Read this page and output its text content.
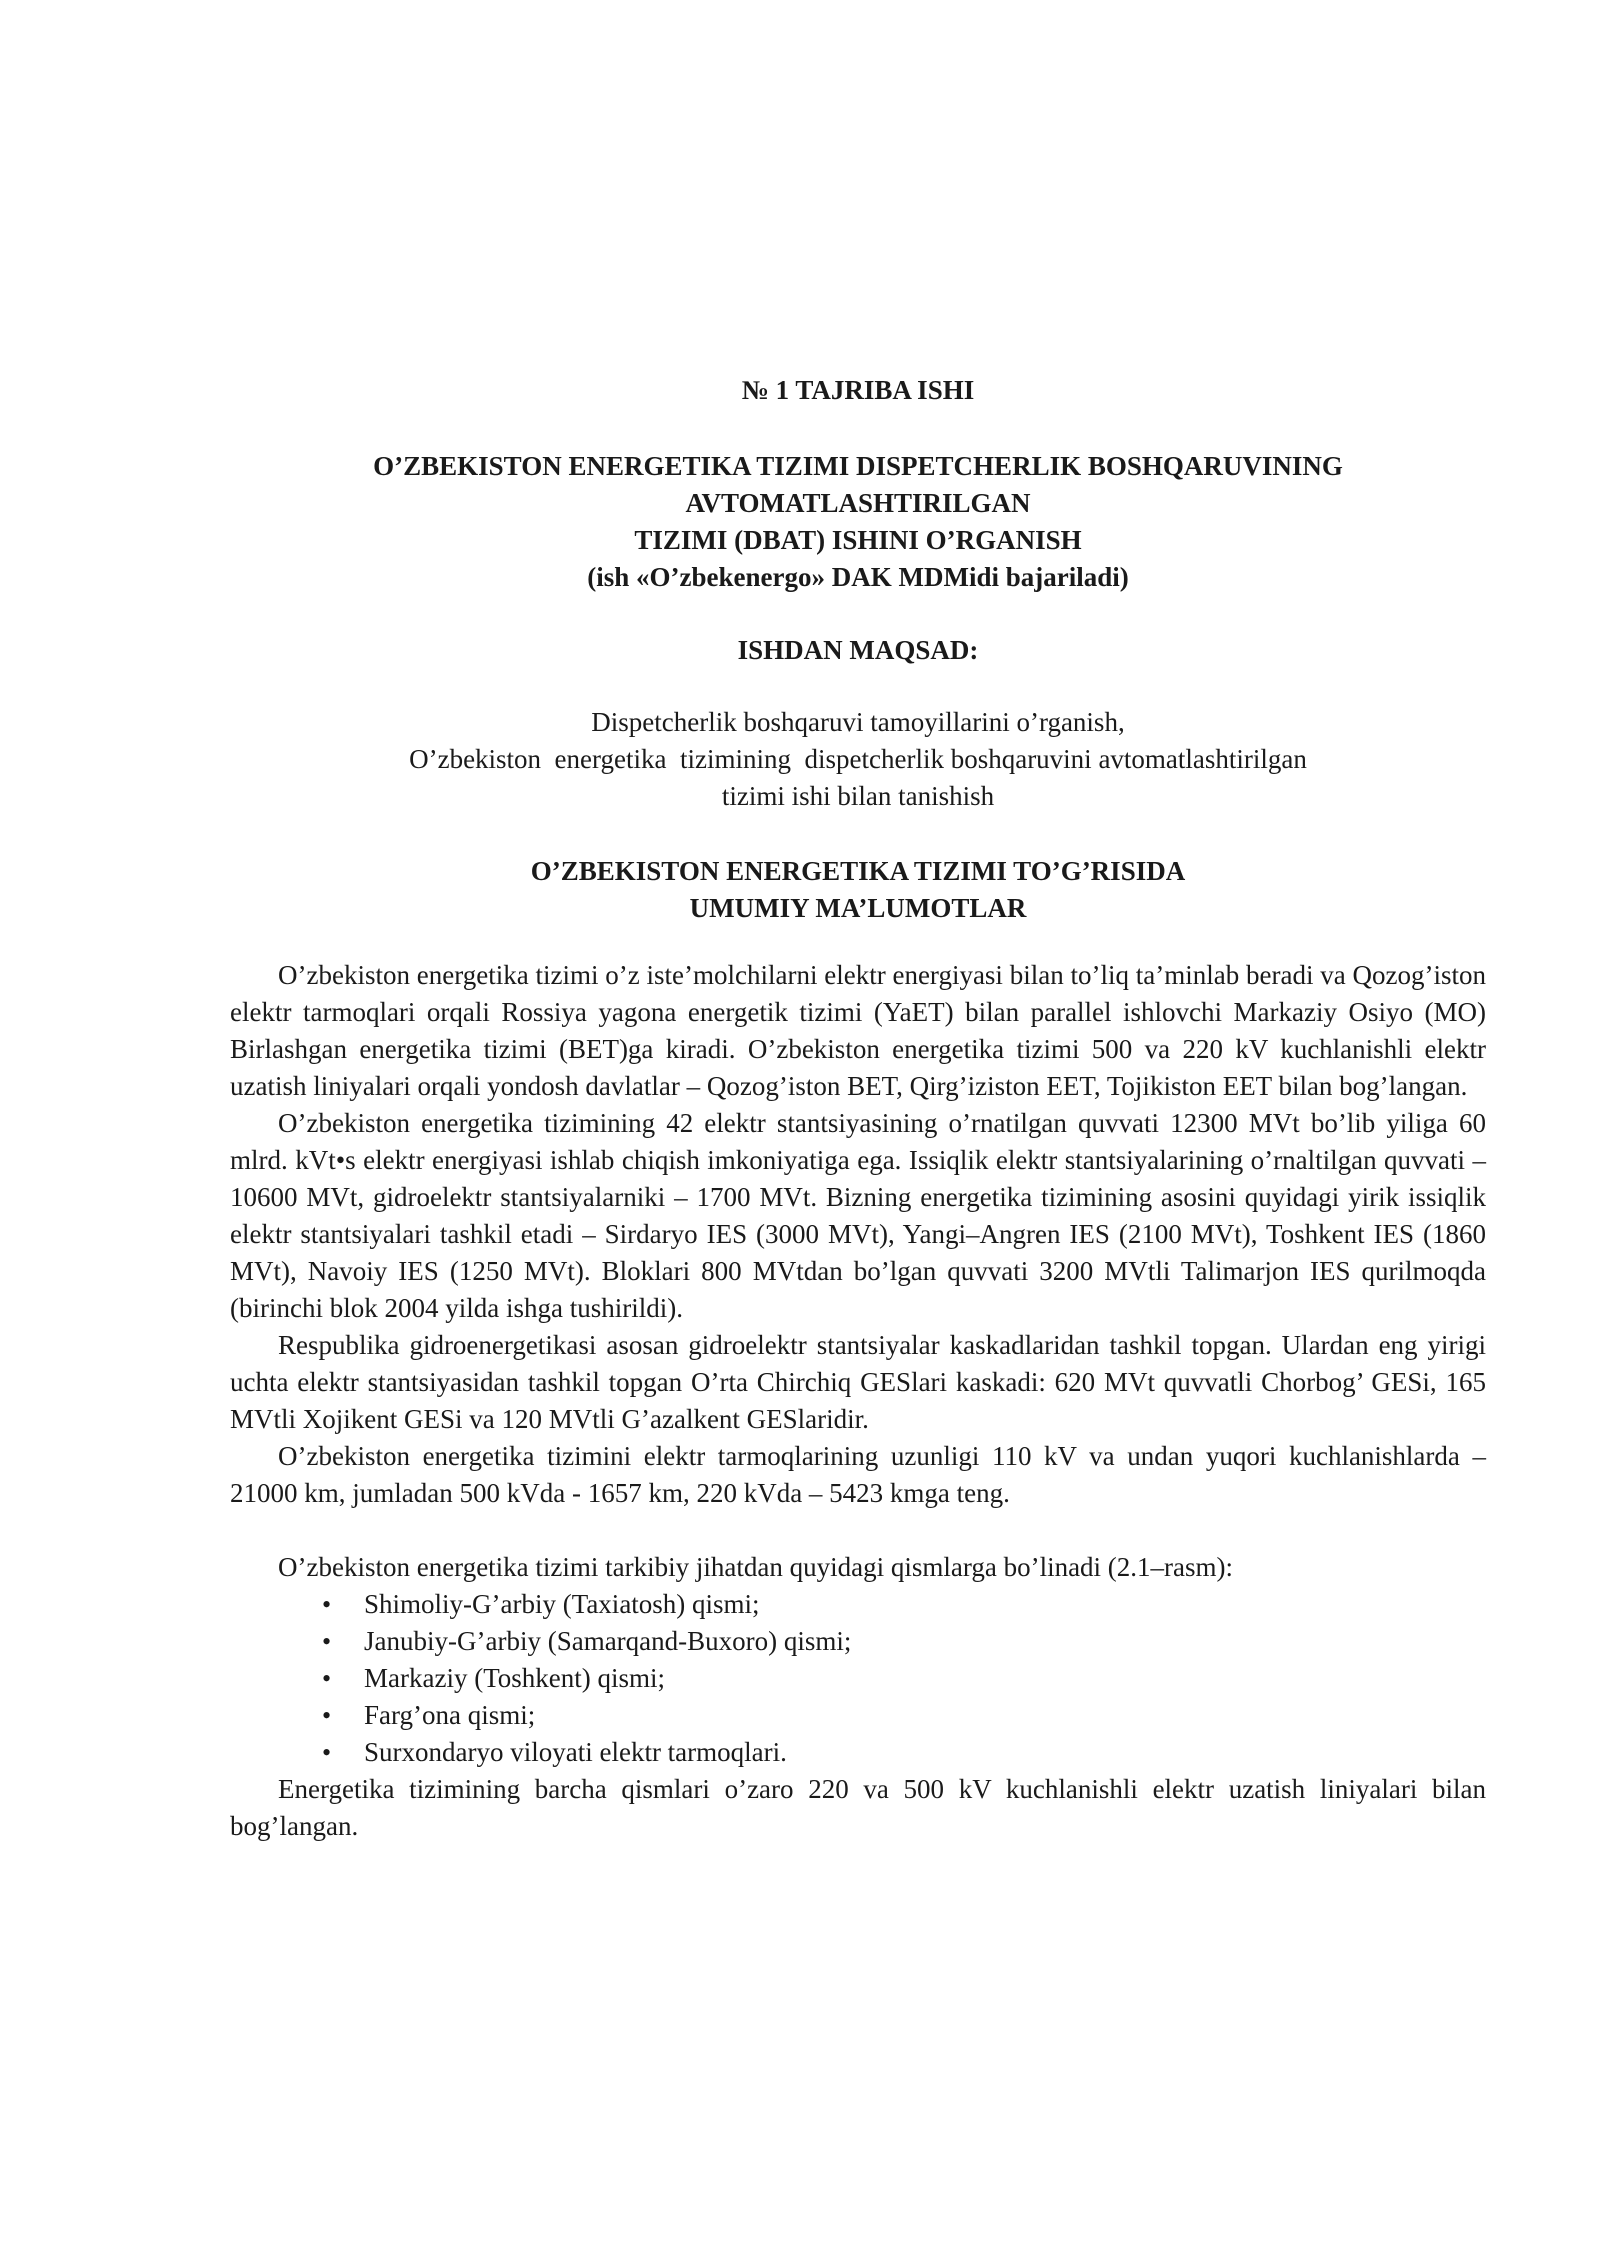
№ 1 TAJRIBA ISHI
O’ZBEKISTON ENERGETIKA TIZIMI DISPETCHERLIK BOSHQARUVINING
AVTOMATLASHTIRILGAN
TIZIMI (DBAT) ISHINI O’RGANISH
(ish «O’zbekenergo» DAK MDMidi bajariladi)
ISHDAN MAQSAD:
Dispetcherlik boshqaruvi tamoyillarini o’rganish,
O’zbekiston  energetika  tizimining  dispetcherlik boshqaruvini avtomatlashtirilgan
tizimi ishi bilan tanishish
O’ZBEKISTON ENERGETIKA TIZIMI TO’G’RISIDA
UMUMIY MA’LUMOTLAR

O’zbekiston energetika tizimi o’z iste’molchilarni elektr energiyasi bilan to’liq ta’minlab beradi va Qozog’iston elektr tarmoqlari orqali Rossiya yagona energetik tizimi (YaET) bilan parallel ishlovchi Markaziy Osiyo (MO) Birlashgan energetika tizimi (BET)ga kiradi. O’zbekiston energetika tizimi 500 va 220 kV kuchlanishli elektr uzatish liniyalari orqali yondosh davlatlar – Qozog’iston BET, Qirg’iziston EET, Tojikiston EET bilan bog’langan.

O’zbekiston energetika tizimining 42 elektr stantsiyasining o’rnatilgan quvvati 12300 MVt bo’lib yiliga 60 mlrd. kVt•s elektr energiyasi ishlab chiqish imkoniyatiga ega. Issiqlik elektr stantsiyalarining o’rnaltilgan quvvati – 10600 MVt, gidroelektr stantsiyalarniki – 1700 MVt. Bizning energetika tizimining asosini quyidagi yirik issiqlik elektr stantsiyalari tashkil etadi – Sirdaryo IES (3000 MVt), Yangi–Angren IES (2100 MVt), Toshkent IES (1860 MVt), Navoiy IES (1250 MVt). Bloklari 800 MVtdan bo’lgan quvvati 3200 MVtli Talimarjon IES qurilmoqda (birinchi blok 2004 yilda ishga tushirildi).

Respublika gidroenergetikasi asosan gidroelektr stantsiyalar kaskadlaridan tashkil topgan. Ulardan eng yirigi uchta elektr stantsiyasidan tashkil topgan O’rta Chirchiq GESlari kaskadi: 620 MVt quvvatli Chorbog’ GESi, 165 MVtli Xojikent GESi va 120 MVtli G’azalkent GESlaridir.

O’zbekiston energetika tizimini elektr tarmoqlarining uzunligi 110 kV va undan yuqori kuchlanishlarda – 21000 km, jumladan 500 kVda - 1657 km, 220 kVda – 5423 kmga teng.

O’zbekiston energetika tizimi tarkibiy jihatdan quyidagi qismlarga bo’linadi (2.1–rasm):

• Shimoliy-G’arbiy (Taxiatosh) qismi;
• Janubiy-G’arbiy (Samarqand-Buxoro) qismi;
• Markaziy (Toshkent) qismi;
• Farg’ona qismi;
• Surxondaryo viloyati elektr tarmoqlari.

Energetika tizimining barcha qismlari o’zaro 220 va 500 kV kuchlanishli elektr uzatish liniyalari bilan bog’langan.
